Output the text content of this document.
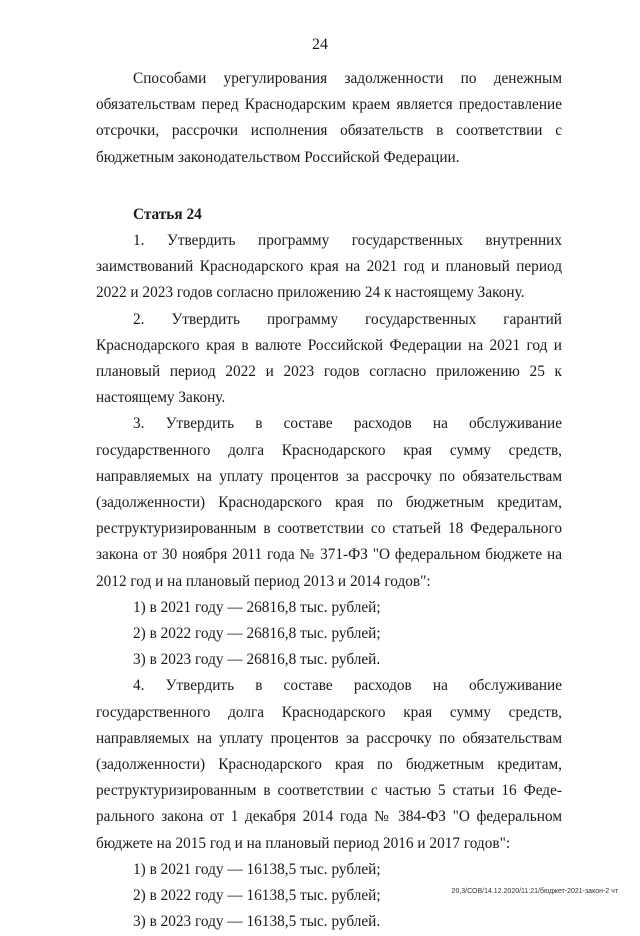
24

Способами урегулирования задолженности по денежным обязательствам перед Краснодарским краем является предоставление отсрочки, рассрочки исполнения обязательств в соответствии с бюджетным законодательством Российской Федерации.

Статья 24

1. Утвердить программу государственных внутренних заимствований Краснодарского края на 2021 год и плановый период 2022 и 2023 годов согласно приложению 24 к настоящему Закону.

2. Утвердить программу государственных гарантий Краснодарского края в валюте Российской Федерации на 2021 год и плановый период 2022 и 2023 годов согласно приложению 25 к настоящему Закону.

3. Утвердить в составе расходов на обслуживание государственного долга Краснодарского края сумму средств, направляемых на уплату процентов за рассрочку по обязательствам (задолженности) Краснодарского края по бюджетным кредитам, реструктуризированным в соответствии со статьей 18 Федерального закона от 30 ноября 2011 года № 371-ФЗ "О федеральном бюджете на 2012 год и на плановый период 2013 и 2014 годов":

1) в 2021 году — 26816,8 тыс. рублей;

2) в 2022 году — 26816,8 тыс. рублей;

3) в 2023 году — 26816,8 тыс. рублей.

4. Утвердить в составе расходов на обслуживание государственного долга Краснодарского края сумму средств, направляемых на уплату процентов за рассрочку по обязательствам (задолженности) Краснодарского края по бюджетным кредитам, реструктуризированным в соответствии с частью 5 статьи 16 Федерального закона от 1 декабря 2014 года № 384-ФЗ "О федеральном бюджете на 2015 год и на плановый период 2016 и 2017 годов":

1) в 2021 году — 16138,5 тыс. рублей;

2) в 2022 году — 16138,5 тыс. рублей;

3) в 2023 году — 16138,5 тыс. рублей.

20,3/СОВ/14.12.2020/11:21/бюджет-2021-закон-2 чт
